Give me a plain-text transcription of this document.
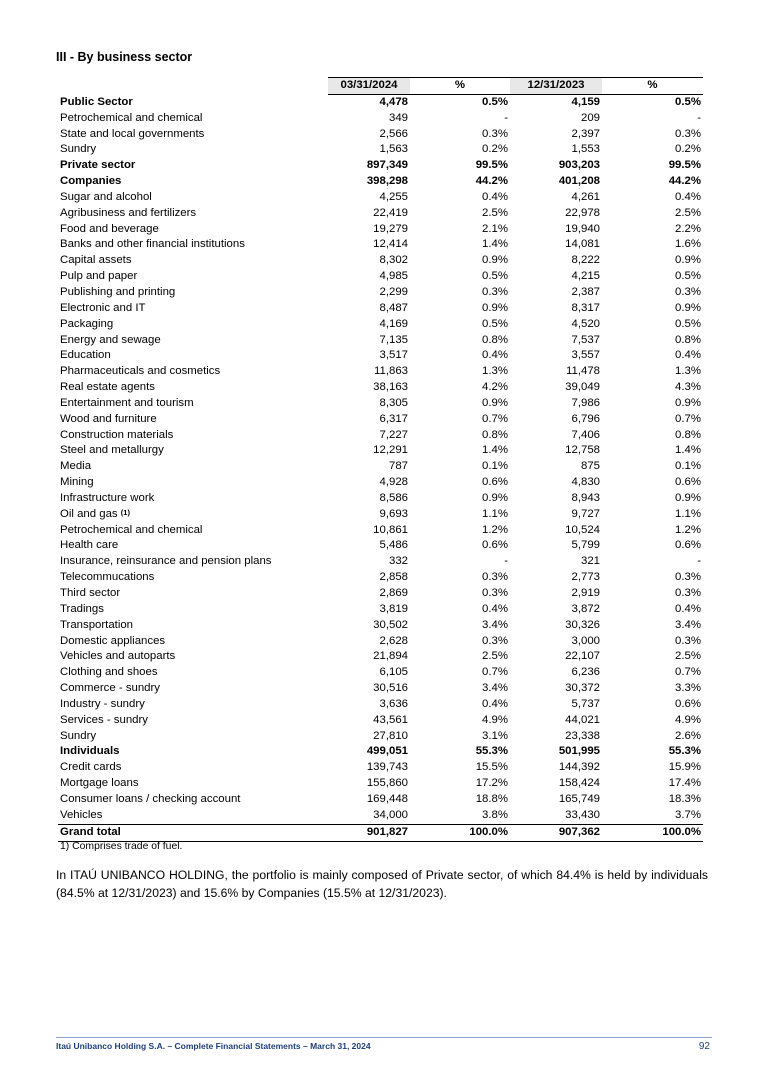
III - By business sector
	03/31/2024	%	12/31/2023	%
Public Sector	4,478	0.5%	4,159	0.5%
Petrochemical and chemical	349	-	209	-
State and local governments	2,566	0.3%	2,397	0.3%
Sundry	1,563	0.2%	1,553	0.2%
Private sector	897,349	99.5%	903,203	99.5%
Companies	398,298	44.2%	401,208	44.2%
Sugar and alcohol	4,255	0.4%	4,261	0.4%
Agribusiness and fertilizers	22,419	2.5%	22,978	2.5%
Food and beverage	19,279	2.1%	19,940	2.2%
Banks and other financial institutions	12,414	1.4%	14,081	1.6%
Capital assets	8,302	0.9%	8,222	0.9%
Pulp and paper	4,985	0.5%	4,215	0.5%
Publishing and printing	2,299	0.3%	2,387	0.3%
Electronic and IT	8,487	0.9%	8,317	0.9%
Packaging	4,169	0.5%	4,520	0.5%
Energy and sewage	7,135	0.8%	7,537	0.8%
Education	3,517	0.4%	3,557	0.4%
Pharmaceuticals and cosmetics	11,863	1.3%	11,478	1.3%
Real estate agents	38,163	4.2%	39,049	4.3%
Entertainment and tourism	8,305	0.9%	7,986	0.9%
Wood and furniture	6,317	0.7%	6,796	0.7%
Construction materials	7,227	0.8%	7,406	0.8%
Steel and metallurgy	12,291	1.4%	12,758	1.4%
Media	787	0.1%	875	0.1%
Mining	4,928	0.6%	4,830	0.6%
Infrastructure work	8,586	0.9%	8,943	0.9%
Oil and gas $^{(1)}$	9,693	1.1%	9,727	1.1%
Petrochemical and chemical	10,861	1.2%	10,524	1.2%
Health care	5,486	0.6%	5,799	0.6%
Insurance, reinsurance and pension plans	332	-	321	-
Telecommucations	2,858	0.3%	2,773	0.3%
Third sector	2,869	0.3%	2,919	0.3%
Tradings	3,819	0.4%	3,872	0.4%
Transportation	30,502	3.4%	30,326	3.4%
Domestic appliances	2,628	0.3%	3,000	0.3%
Vehicles and autoparts	21,894	2.5%	22,107	2.5%
Clothing and shoes	6,105	0.7%	6,236	0.7%
Commerce - sundry	30,516	3.4%	30,372	3.3%
Industry - sundry	3,636	0.4%	5,737	0.6%
Services - sundry	43,561	4.9%	44,021	4.9%
Sundry	27,810	3.1%	23,338	2.6%
Individuals	499,051	55.3%	501,995	55.3%
Credit cards	139,743	15.5%	144,392	15.9%
Mortgage loans	155,860	17.2%	158,424	17.4%
Consumer loans / checking account	169,448	18.8%	165,749	18.3%
Vehicles	34,000	3.8%	33,430	3.7%
Grand total	901,827	100.0%	907,362	100.0%
1) Comprises trade of fuel.
In ITAÚ UNIBANCO HOLDING, the portfolio is mainly composed of Private sector, of which 84.4% is held by individuals (84.5% at 12/31/2023) and 15.6% by Companies (15.5% at 12/31/2023).
Itaú Unibanco Holding S.A. – Complete Financial Statements – March 31, 2024	92
